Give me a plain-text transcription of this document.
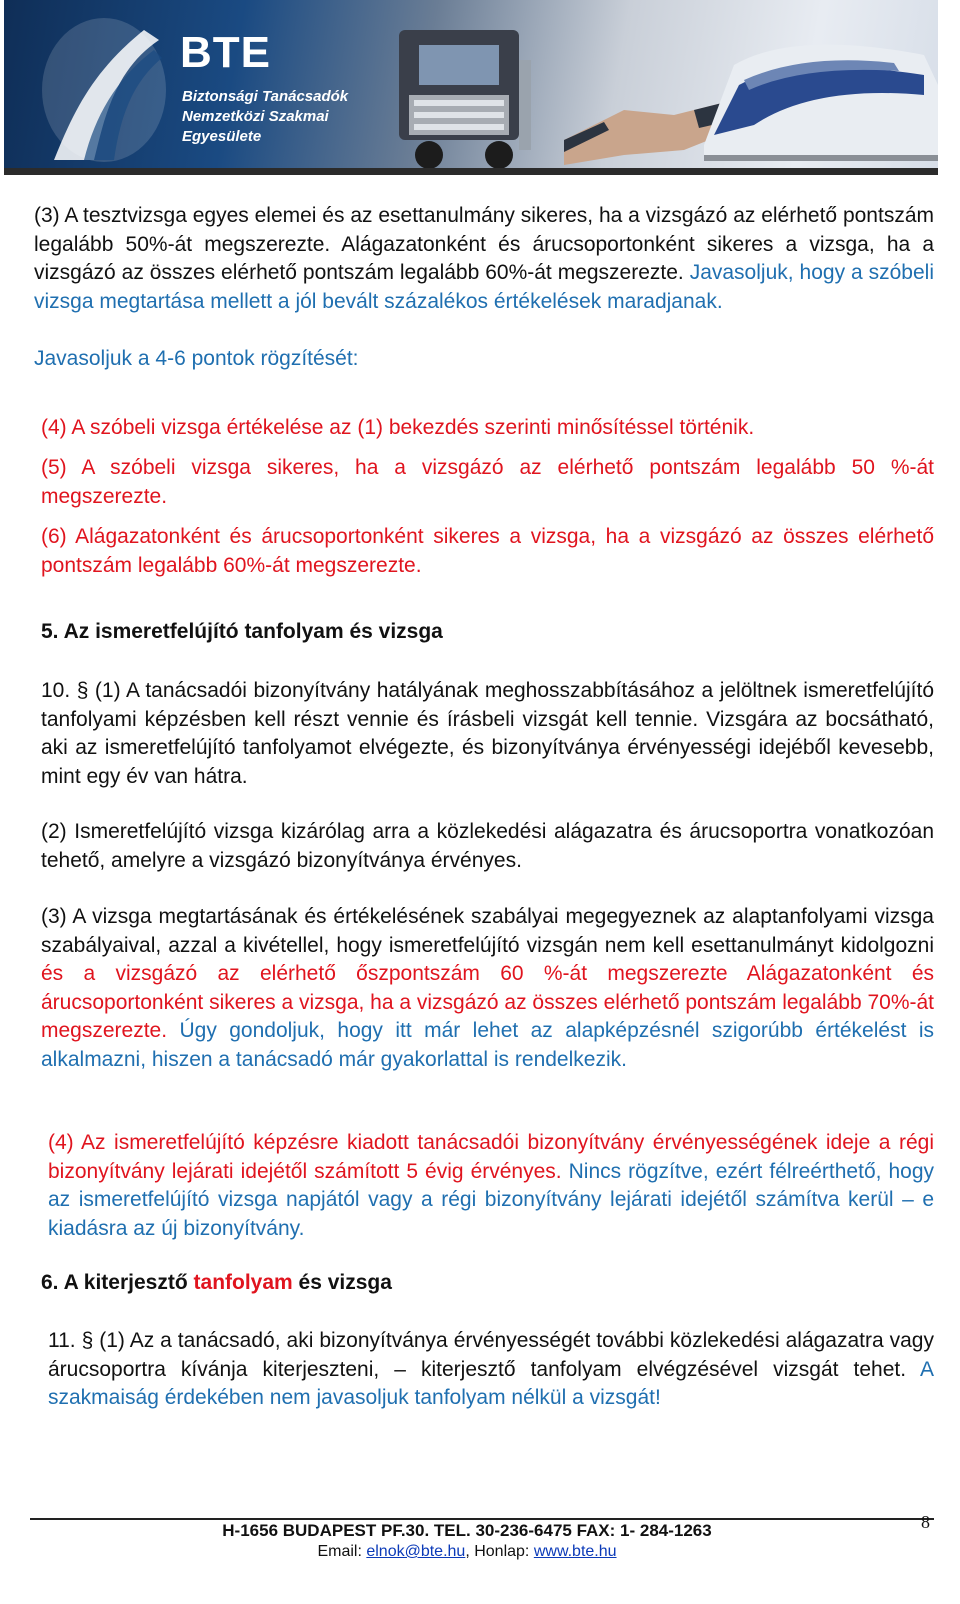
BTE
Biztonsági Tanácsadók
Nemzetközi Szakmai
Egyesülete

(3) A tesztvizsga egyes elemei és az esettanulmány sikeres, ha a vizsgázó az elérhető pontszám legalább 50%-át megszerezte. Alágazatonként és árucsoportonként sikeres a vizsga, ha a vizsgázó az összes elérhető pontszám legalább 60%-át megszerezte. Javasoljuk, hogy a szóbeli vizsga megtartása mellett a jól bevált százalékos értékelések maradjanak.

Javasoljuk a 4-6 pontok rögzítését:

(4) A szóbeli vizsga értékelése az (1) bekezdés szerinti minősítéssel történik.

(5) A szóbeli vizsga sikeres, ha a vizsgázó az elérhető pontszám legalább 50 %-át megszerezte.

(6) Alágazatonként és árucsoportonként sikeres a vizsga, ha a vizsgázó az összes elérhető pontszám legalább 60%-át megszerezte.

5. Az ismeretfelújító tanfolyam és vizsga

10. § (1) A tanácsadói bizonyítvány hatályának meghosszabbításához a jelöltnek ismeretfelújító tanfolyami képzésben kell részt vennie és írásbeli vizsgát kell tennie. Vizsgára az bocsátható, aki az ismeretfelújító tanfolyamot elvégezte, és bizonyítványa érvényességi idejéből kevesebb, mint egy év van hátra.

(2) Ismeretfelújító vizsga kizárólag arra a közlekedési alágazatra és árucsoportra vonatkozóan tehető, amelyre a vizsgázó bizonyítványa érvényes.

(3) A vizsga megtartásának és értékelésének szabályai megegyeznek az alaptanfolyami vizsga szabályaival, azzal a kivétellel, hogy ismeretfelújító vizsgán nem kell esettanulmányt kidolgozni és a vizsgázó az elérhető őszpontszám 60 %-át megszerezte Alágazatonként és árucsoportonként sikeres a vizsga, ha a vizsgázó az összes elérhető pontszám legalább 70%-át megszerezte. Úgy gondoljuk, hogy itt már lehet az alapképzésnél szigorúbb értékelést is alkalmazni, hiszen a tanácsadó már gyakorlattal is rendelkezik.

(4) Az ismeretfelújító képzésre kiadott tanácsadói bizonyítvány érvényességének ideje a régi bizonyítvány lejárati idejétől számított 5 évig érvényes. Nincs rögzítve, ezért félreérthető, hogy az ismeretfelújító vizsga napjától vagy a régi bizonyítvány lejárati idejétől számítva kerül – e kiadásra az új bizonyítvány.

6. A kiterjesztő tanfolyam és vizsga

11. § (1) Az a tanácsadó, aki bizonyítványa érvényességét további közlekedési alágazatra vagy árucsoportra kívánja kiterjeszteni, – kiterjesztő tanfolyam elvégzésével vizsgát tehet. A szakmaiság érdekében nem javasoljuk tanfolyam nélkül a vizsgát!

8
H-1656 BUDAPEST PF.30. TEL. 30-236-6475 FAX: 1- 284-1263
Email: elnok@bte.hu, Honlap: www.bte.hu
